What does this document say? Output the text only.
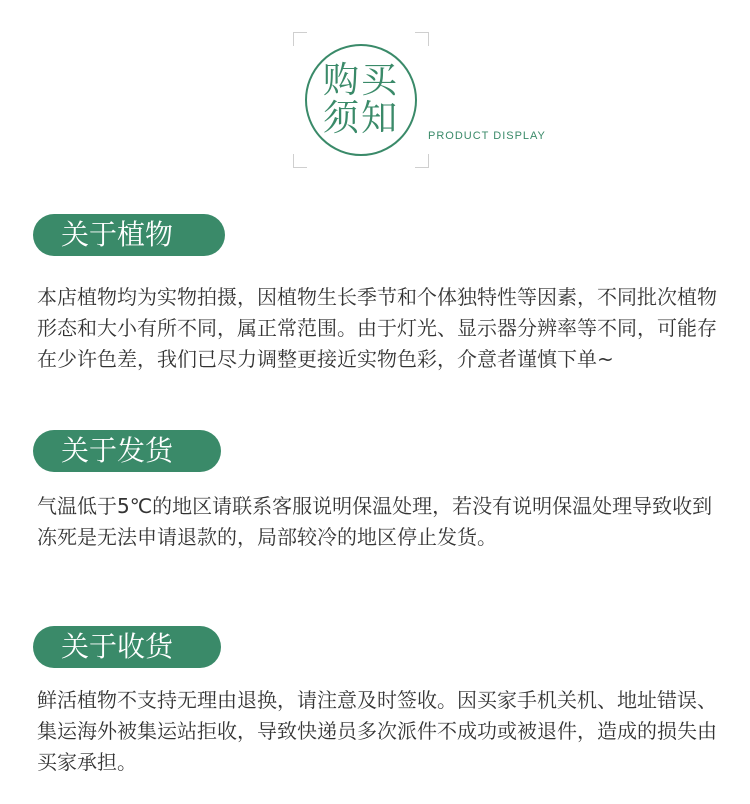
购买须知	PRODUCT DISPLAY
关于植物
本店植物均为实物拍摄，因植物生长季节和个体独特性等因素，不同批次植物形态和大小有所不同，属正常范围。由于灯光、显示器分辨率等不同，可能存在少许色差，我们已尽力调整更接近实物色彩，介意者谨慎下单~
关于发货
气温低于5℃的地区请联系客服说明保温处理，若没有说明保温处理导致收到冻死是无法申请退款的，局部较冷的地区停止发货。
关于收货
鲜活植物不支持无理由退换，请注意及时签收。因买家手机关机、地址错误、集运海外被集运站拒收，导致快递员多次派件不成功或被退件，造成的损失由买家承担。
